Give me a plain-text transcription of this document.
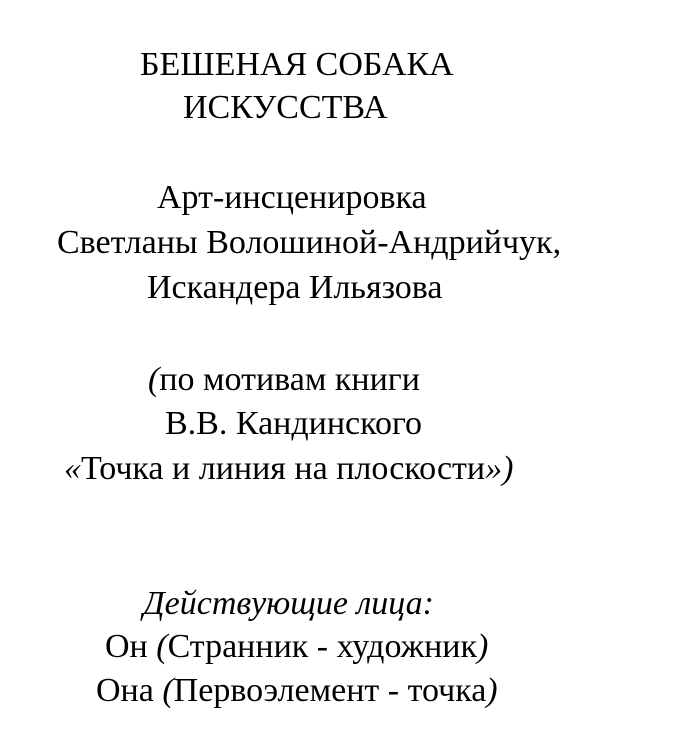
БЕШЕНАЯ СОБАКА
ИСКУССТВА
Арт-инсценировка
Светланы Волошиной-Андрийчук,
Искандера Ильязова
(по мотивам книги
В.В. Кандинского
«Точка и линия на плоскости»)
Действующие лица:
Он (Странник - художник)
Она (Первоэлемент - точка)
